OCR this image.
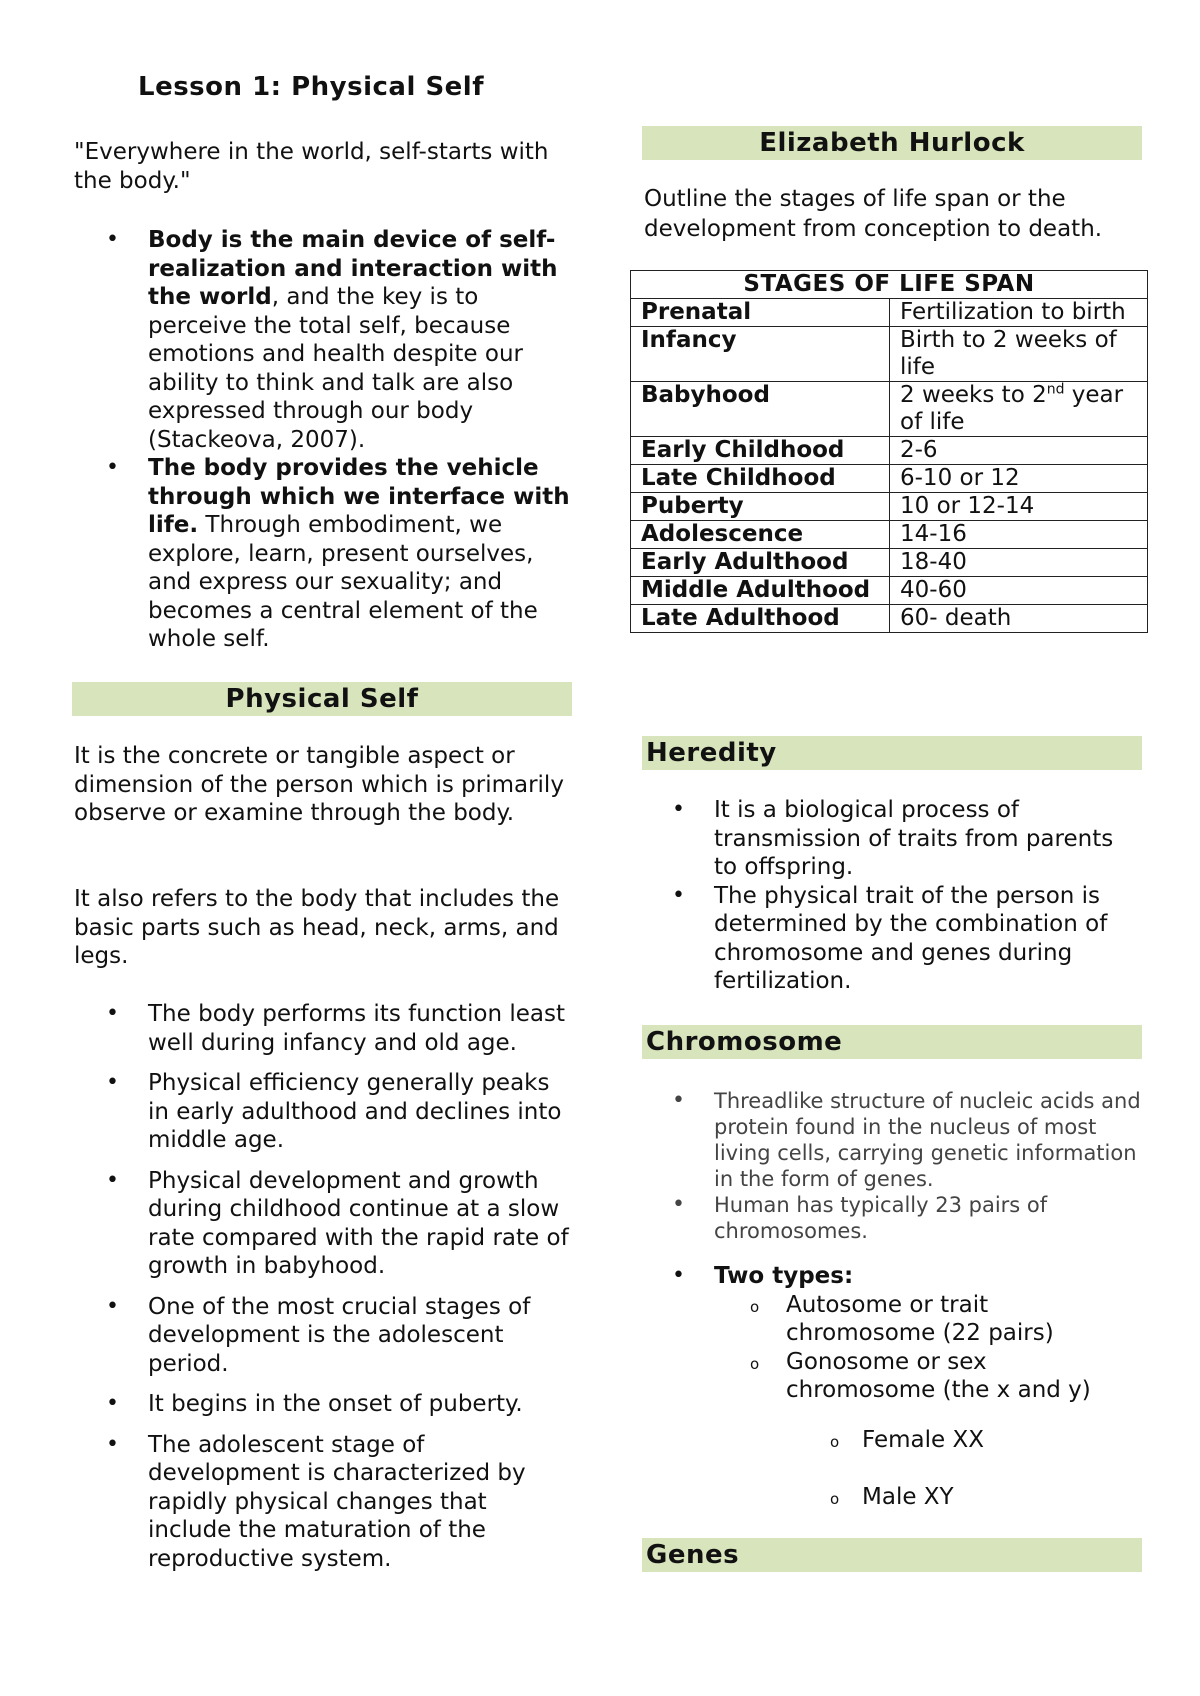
Lesson 1: Physical Self
"Everywhere in the world, self-starts with the body."
• Body is the main device of self-realization and interaction with the world, and the key is to perceive the total self, because emotions and health despite our ability to think and talk are also expressed through our body (Stackeova, 2007).
• The body provides the vehicle through which we interface with life. Through embodiment, we explore, learn, present ourselves, and express our sexuality; and becomes a central element of the whole self.
Physical Self
It is the concrete or tangible aspect or dimension of the person which is primarily observe or examine through the body.
It also refers to the body that includes the basic parts such as head, neck, arms, and legs.
• The body performs its function least well during infancy and old age.
• Physical efficiency generally peaks in early adulthood and declines into middle age.
• Physical development and growth during childhood continue at a slow rate compared with the rapid rate of growth in babyhood.
• One of the most crucial stages of development is the adolescent period.
• It begins in the onset of puberty.
• The adolescent stage of development is characterized by rapidly physical changes that include the maturation of the reproductive system.
Elizabeth Hurlock
Outline the stages of life span or the development from conception to death.
STAGES OF LIFE SPAN	
Prenatal	Fertilization to birth
Infancy	Birth to 2 weeks of life
Babyhood	2 weeks to 2nd year of life
Early Childhood	2-6
Late Childhood	6-10 or 12
Puberty	10 or 12-14
Adolescence	14-16
Early Adulthood	18-40
Middle Adulthood	40-60
Late Adulthood	60- death
Heredity
• It is a biological process of transmission of traits from parents to offspring.
• The physical trait of the person is determined by the combination of chromosome and genes during fertilization.
Chromosome
• Threadlike structure of nucleic acids and protein found in the nucleus of most living cells, carrying genetic information in the form of genes.
• Human has typically 23 pairs of chromosomes.
• Two types:
o Autosome or trait chromosome (22 pairs)
o Gonosome or sex chromosome (the x and y)
o Female XX
o Male XY
Genes
